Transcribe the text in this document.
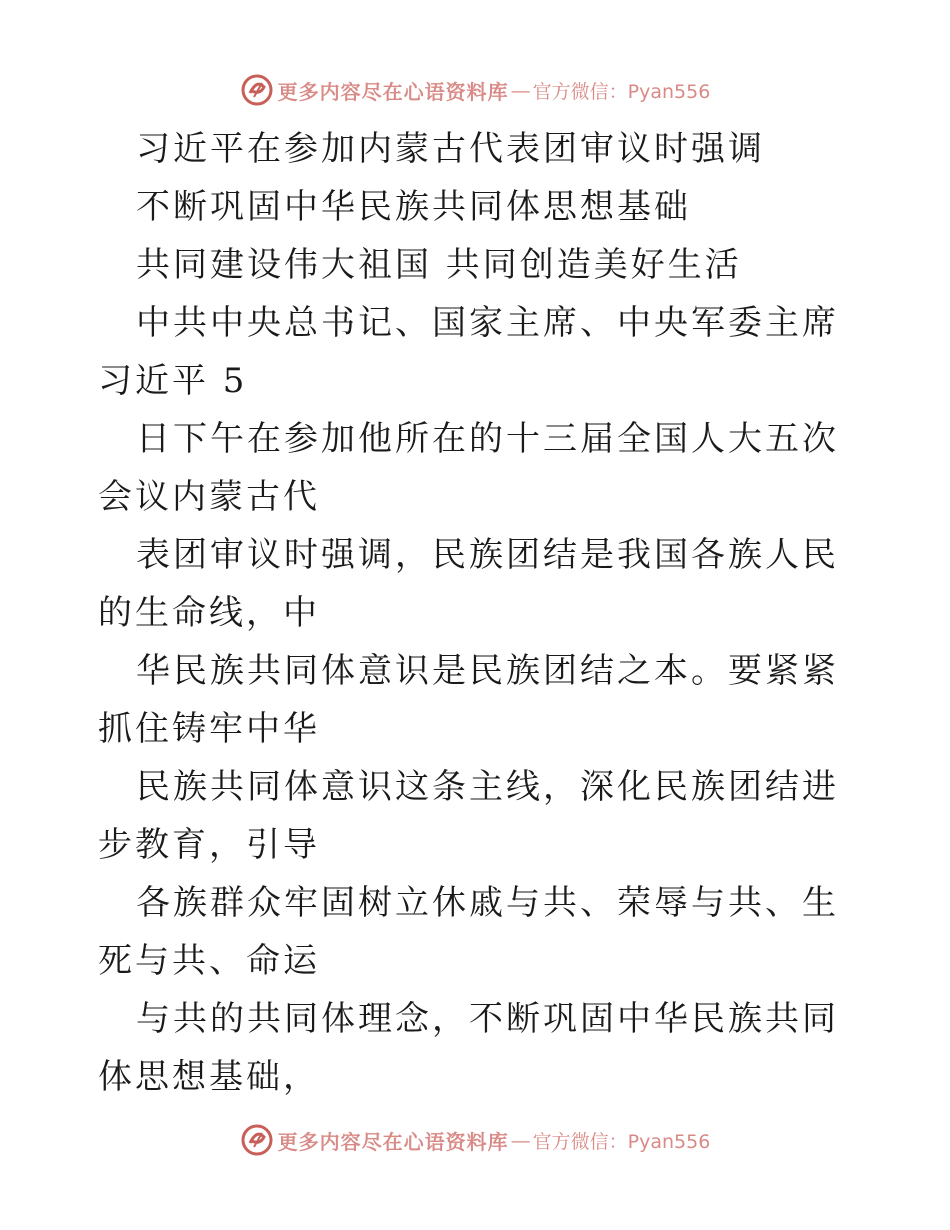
更多内容尽在心语资料库 — 官方微信：Pyan556

习近平在参加内蒙古代表团审议时强调

不断巩固中华民族共同体思想基础

共同建设伟大祖国 共同创造美好生活

中共中央总书记、国家主席、中央军委主席习近平 5

日下午在参加他所在的十三届全国人大五次会议内蒙古代

表团审议时强调，民族团结是我国各族人民的生命线，中

华民族共同体意识是民族团结之本。要紧紧抓住铸牢中华

民族共同体意识这条主线，深化民族团结进步教育，引导

各族群众牢固树立休戚与共、荣辱与共、生死与共、命运

与共的共同体理念，不断巩固中华民族共同体思想基础，

更多内容尽在心语资料库 — 官方微信：Pyan556
